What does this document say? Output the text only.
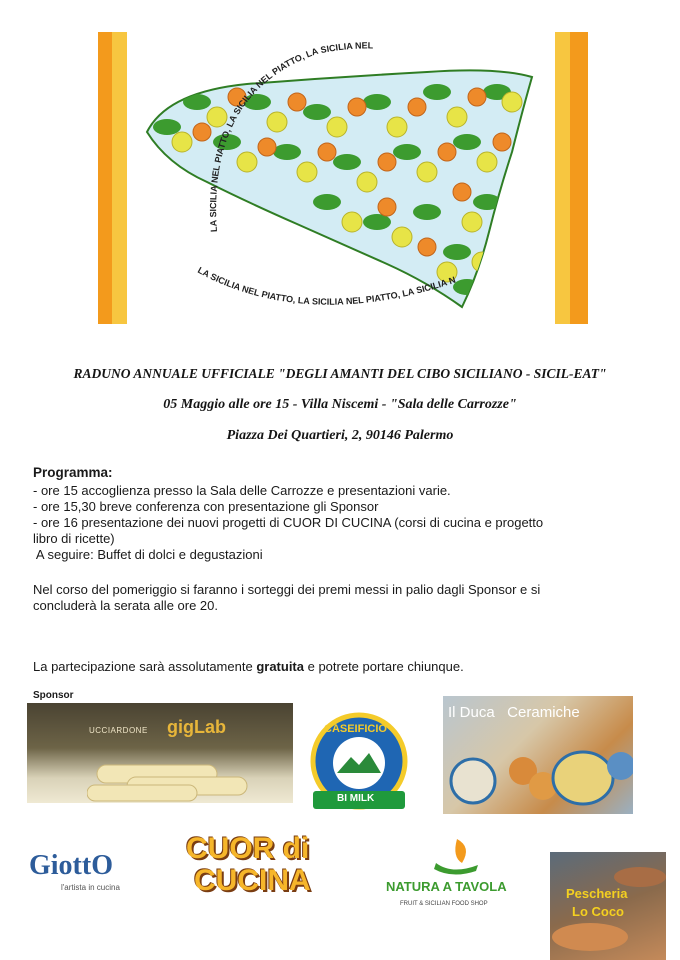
LA SICILIA NEL PIATTO, LA SICILIA NEL PIATTO, LA SICILIA NEL
LA SICILIA NEL PIATTO, LA SICILIA NEL PIATTO, LA SICILIA N
RADUNO ANNUALE UFFICIALE "DEGLI AMANTI DEL CIBO SICILIANO - SICIL-EAT"
05 Maggio alle ore 15 - Villa Niscemi - "Sala delle Carrozze"
Piazza Dei Quartieri, 2, 90146 Palermo
Programma:
- ore 15 accoglienza presso la Sala delle Carrozze e presentazioni varie.
- ore 15,30 breve conferenza con presentazione gli Sponsor
- ore 16 presentazione dei nuovi progetti di CUOR DI CUCINA (corsi di cucina e progetto
libro di ricette)
A seguire: Buffet di dolci e degustazioni
Nel corso del pomeriggio si faranno i sorteggi dei premi messi in palio dagli Sponsor e si
concluderà la serata alle ore 20.
La partecipazione sarà assolutamente gratuita e potrete portare chiunque.
Sponsor
UCCIARDONE gigLab	CASEIFICIO
BI MILK
Il Duca   Ceramiche
GiottO
l'artista in cucina
CUOR di
CUCINA	NATURA A TAVOLA
FRUIT & SICILIAN FOOD SHOP
Pescheria
Lo Coco
